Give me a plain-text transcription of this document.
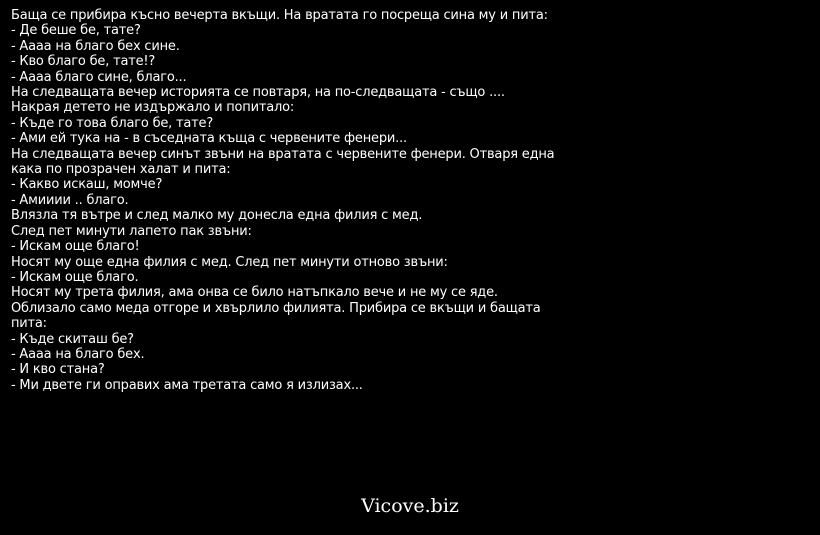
Баща се прибира късно вечерта вкъщи. На вратата го посреща сина му и пита:
- Де беше бе, тате?
- Аааа на благо бех сине.
- Кво благо бе, тате!?
- Аааа благо сине, благо...
На следващата вечер историята се повтаря, на по-следващата - също ....
Накрая детето не издържало и попитало:
- Къде го това благо бе, тате?
- Ами ей тука на - в съседната къща с червените фенери...
На следващата вечер синът звъни на вратата с червените фенери. Отваря една
кака по прозрачен халат и пита:
- Какво искаш, момче?
- Амииии .. благо.
Влязла тя вътре и след малко му донесла една филия с мед.
След пет минути лапето пак звъни:
- Искам още благо!
Носят му още една филия с мед. След пет минути отново звъни:
- Искам още благо.
Носят му трета филия, ама онва се било натъпкало вече и не му се яде.
Облизало само меда отгоре и хвърлило филията. Прибира се вкъщи и бащата
пита:
- Къде скиташ бе?
- Аааа на благо бех.
- И кво стана?
- Ми двете ги оправих ама третата само я излизах...
Vicove.biz
